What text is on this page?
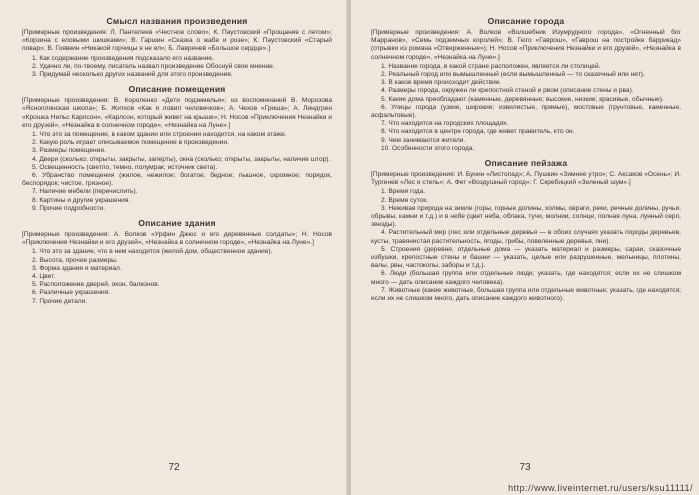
Смысл названия произведения

[Примерные произведения: Л. Пантелеев «Честное слово»; К. Паустовский «Прощание с летом»; «Корзина с еловыми шишками»; В. Гаршин «Сказка о жабе и розе»; К. Паустовский «Старый повар»; В. Гоявкин «Никакой горчицы я не ел»; Б. Лавренев «Большое сердце».]

1. Как содержание произведения подсказало его название.

2. Удачно ли, по-твоему, писатель назвал произведение Обоснуй свое мнение.

3. Придумай несколько других названий для этого произведения.

Описание помещения

[Примерные произведения: В. Короленко «Дети подземелья»; из воспоминаний В. Морозова «Ясноплянская школа»; Б. Житков «Как я ловил человечков»; А. Чехов «Гриша»; А. Линдгрен «Крошка Нильс Карлсон», «Карлсон, который живет на крыше»; Н. Носов «Приключения Незнайки и его друзей», «Незнайка в солнечном городе», «Незнайка на Луне».]

1. Что это за помещение, в каком здании или строении находится, на каком этаже.

2. Какую роль играет описываемое помещение в произведении.

3. Размеры помещения.

4. Двери (сколько; открыты, закрыты, заперты), окна (сколько; открыты, закрыты, наличие штор).

5. Освещенность (светло, темно, полумрак; источник света).

6. Убранство помещения (жилое, нежилое; богатое, бедное; пышное, скромное; порядок, беспорядок; чистое, грязное).

7. Наличие мебели (перечислить).

8. Картины и другие украшения.

9. Прочие подробности.

Описание здания

[Примерные произведения: А. Волков «Урфин Джюс и его деревянные солдаты»; Н. Носов «Приключения Незнайки и его друзей», «Незнайка в солнечном городе», «Незнайка на Луне».]

1. Что это за здание, что в нем находится (жилой дом, общественное здание).

2. Высота, прочие размеры.

3. Форма здания и материал.

4. Цвет.

5. Расположение дверей, окон, балконов.

6. Различные украшения.

7. Прочие детали.

72
Описание города

[Примерные произведения: А. Волков «Волшебник Изумрудного города», «Огненный бог Марранов», «Семь подземных королей»; В. Гюго «Гаврош», «Гаврош на постройке баррикад» (отрывки из романа «Отверженные»); Н. Носов «Приключения Незнайки и его друзей», «Незнайка в солнечном городе», «Незнайка на Луне».]

1. Название города, в какой стране расположен, является ли столицей.

2. Реальный город или вымышленный (если вымышленный — то сказочный или нет).

3. В какое время происходит действие.

4. Размеры города, окружен ли крепостной стеной и рвом (описание стены и рва).

5. Какие дома преобладают (каменные, деревянные; высокие, низкие; красивые, обычные).

6. Улицы города (узкие, широкие; извилистые, прямые), мостовые (грунтовые, каменные, асфальтовые).

7. Что находится на городских площадях.

8. Что находится в центре города, где живет правитель, кто он.

9. Чем занимаются жители.

10. Особенности этого города.

Описание пейзажа

[Примерные произведения: И. Бунин «Листопад»; А. Пушкин «Зимнее утро»; С. Аксаков «Осень»; И. Тургенев «Лес и степь»; А. Фет «Воздушный город»; Г. Скребицкий «Зеленый шум».]

1. Время года.

2. Время суток.

3. Неживая природа на земле (горы, горные долины, холмы, овраги, реки, речные долины, ручьи, обрывы, камни и т.д.) и в небе (цвет неба, облака, тучи, молнии, солнце, полная луна, лунный серп, звезды).

4. Растительный мир (лес или отдельные деревья — в обоих случаях указать породы деревьев, кусты, травянистая растительность, ягоды, грибы, повеленные деревья, пни).

5. Строения (деревня, отдельные дома — указать материал и размеры, сараи, сказочные избушки, крепостные стены и башни — указать, целые или разрушенные, мельницы, плотины, валы, рвы, частоколы, заборы и т.д.).

6. Люди (большая группа или отдельные люди; указать, где находятся; если их не слишком много — дать описание каждого человека).

7. Животные (какие животные, большая группа или отдельные животные; указать, где находятся; если их не слишком много, дать описание каждого животного).

73
http://www.liveinternet.ru/users/ksu11111/
